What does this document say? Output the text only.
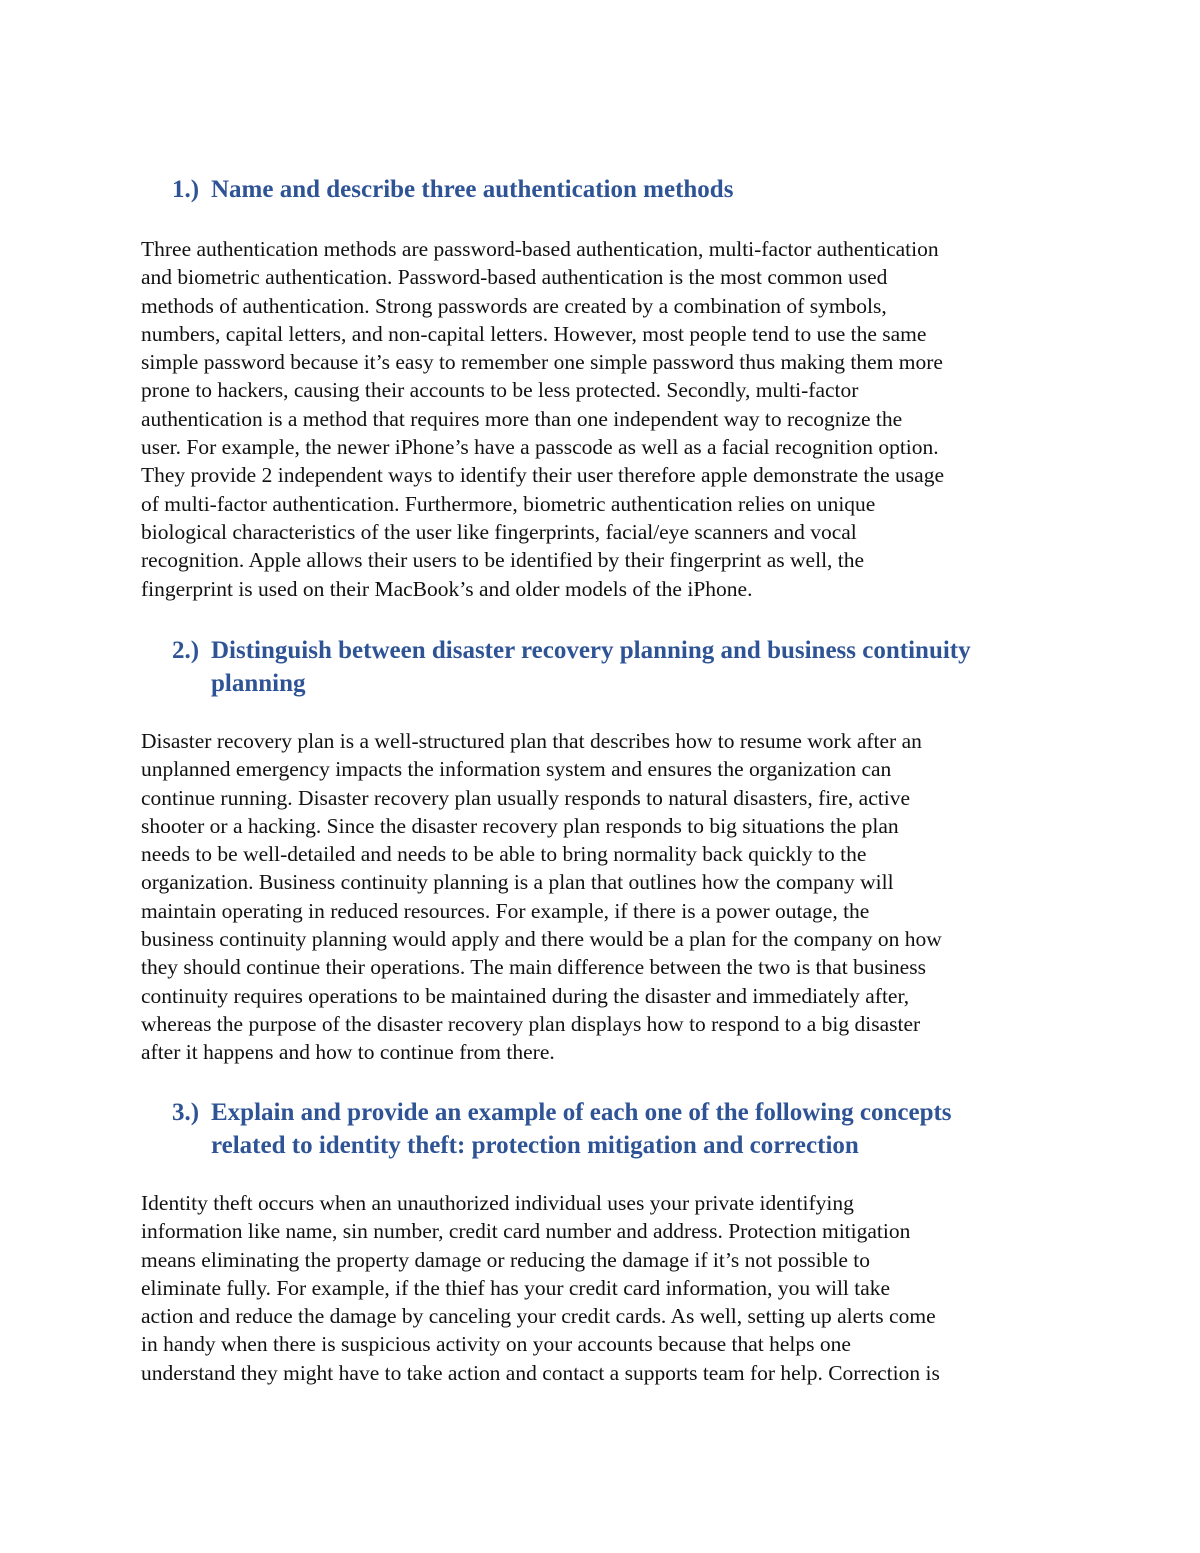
1.) Name and describe three authentication methods
Three authentication methods are password-based authentication, multi-factor authentication
and biometric authentication. Password-based authentication is the most common used
methods of authentication. Strong passwords are created by a combination of symbols,
numbers, capital letters, and non-capital letters. However, most people tend to use the same
simple password because it’s easy to remember one simple password thus making them more
prone to hackers, causing their accounts to be less protected. Secondly, multi-factor
authentication is a method that requires more than one independent way to recognize the
user. For example, the newer iPhone’s have a passcode as well as a facial recognition option.
They provide 2 independent ways to identify their user therefore apple demonstrate the usage
of multi-factor authentication. Furthermore, biometric authentication relies on unique
biological characteristics of the user like fingerprints, facial/eye scanners and vocal
recognition. Apple allows their users to be identified by their fingerprint as well, the
fingerprint is used on their MacBook’s and older models of the iPhone.
2.) Distinguish between disaster recovery planning and business continuity
planning
Disaster recovery plan is a well-structured plan that describes how to resume work after an
unplanned emergency impacts the information system and ensures the organization can
continue running. Disaster recovery plan usually responds to natural disasters, fire, active
shooter or a hacking. Since the disaster recovery plan responds to big situations the plan
needs to be well-detailed and needs to be able to bring normality back quickly to the
organization. Business continuity planning is a plan that outlines how the company will
maintain operating in reduced resources. For example, if there is a power outage, the
business continuity planning would apply and there would be a plan for the company on how
they should continue their operations. The main difference between the two is that business
continuity requires operations to be maintained during the disaster and immediately after,
whereas the purpose of the disaster recovery plan displays how to respond to a big disaster
after it happens and how to continue from there.
3.) Explain and provide an example of each one of the following concepts
related to identity theft: protection mitigation and correction
Identity theft occurs when an unauthorized individual uses your private identifying
information like name, sin number, credit card number and address. Protection mitigation
means eliminating the property damage or reducing the damage if it’s not possible to
eliminate fully. For example, if the thief has your credit card information, you will take
action and reduce the damage by canceling your credit cards. As well, setting up alerts come
in handy when there is suspicious activity on your accounts because that helps one
understand they might have to take action and contact a supports team for help. Correction is
